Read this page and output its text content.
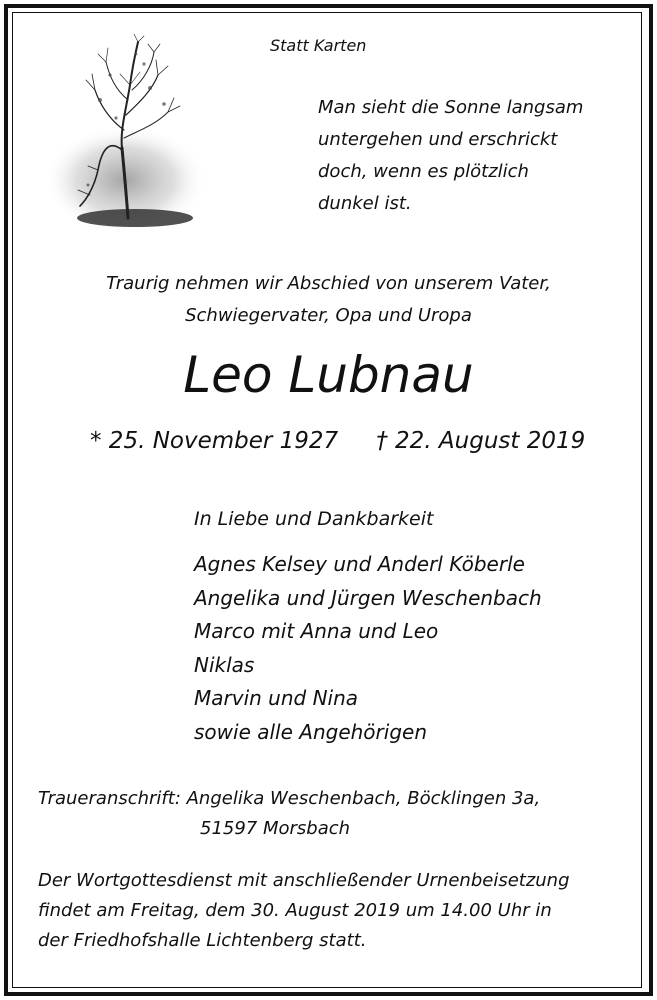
Statt Karten
Man sieht die Sonne langsam
untergehen und erschrickt
doch, wenn es plötzlich
dunkel ist.
Traurig nehmen wir Abschied von unserem Vater,
Schwiegervater, Opa und Uropa
Leo Lubnau
* 25. November 1927 † 22. August 2019
In Liebe und Dankbarkeit
Agnes Kelsey und Anderl Köberle
Angelika und Jürgen Weschenbach
Marco mit Anna und Leo
Niklas
Marvin und Nina
sowie alle Angehörigen
Traueranschrift: Angelika Weschenbach, Böcklingen 3a,
51597 Morsbach
Der Wortgottesdienst mit anschließender Urnenbeisetzung
findet am Freitag, dem 30. August 2019 um 14.00 Uhr in
der Friedhofshalle Lichtenberg statt.
